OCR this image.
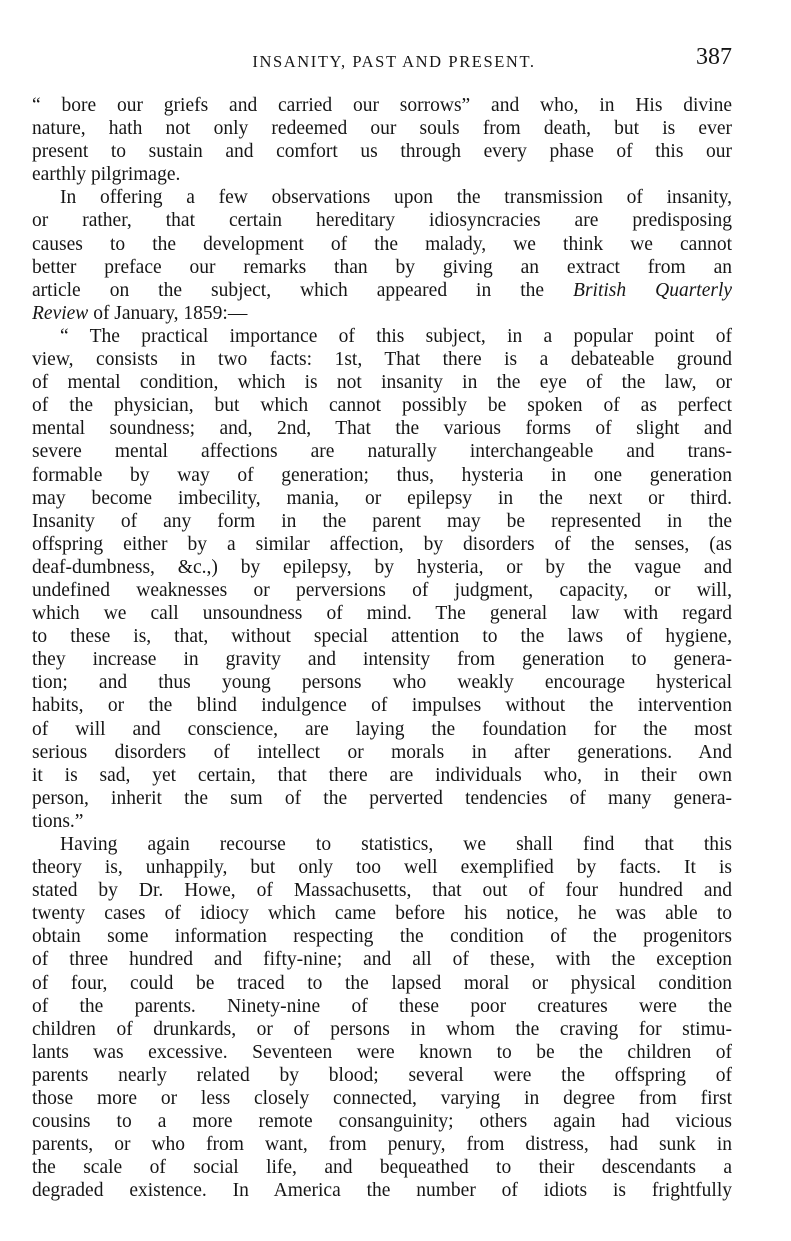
INSANITY, PAST AND PRESENT.	387
“ bore our griefs and carried our sorrows” and who, in His divine
nature, hath not only redeemed our souls from death, but is ever
present to sustain and comfort us through every phase of this our
earthly pilgrimage.
In offering a few observations upon the transmission of insanity,
or rather, that certain hereditary idiosyncracies are predisposing
causes to the development of the malady, we think we cannot
better preface our remarks than by giving an extract from an
article on the subject, which appeared in the British Quarterly
Review of January, 1859:—
“ The practical importance of this subject, in a popular point of
view, consists in two facts: 1st, That there is a debateable ground
of mental condition, which is not insanity in the eye of the law, or
of the physician, but which cannot possibly be spoken of as perfect
mental soundness; and, 2nd, That the various forms of slight and
severe mental affections are naturally interchangeable and trans-
formable by way of generation; thus, hysteria in one generation
may become imbecility, mania, or epilepsy in the next or third.
Insanity of any form in the parent may be represented in the
offspring either by a similar affection, by disorders of the senses, (as
deaf-dumbness, &c.,) by epilepsy, by hysteria, or by the vague and
undefined weaknesses or perversions of judgment, capacity, or will,
which we call unsoundness of mind. The general law with regard
to these is, that, without special attention to the laws of hygiene,
they increase in gravity and intensity from generation to genera-
tion; and thus young persons who weakly encourage hysterical
habits, or the blind indulgence of impulses without the intervention
of will and conscience, are laying the foundation for the most
serious disorders of intellect or morals in after generations. And
it is sad, yet certain, that there are individuals who, in their own
person, inherit the sum of the perverted tendencies of many genera-
tions.”
Having again recourse to statistics, we shall find that this
theory is, unhappily, but only too well exemplified by facts. It is
stated by Dr. Howe, of Massachusetts, that out of four hundred and
twenty cases of idiocy which came before his notice, he was able to
obtain some information respecting the condition of the progenitors
of three hundred and fifty-nine; and all of these, with the exception
of four, could be traced to the lapsed moral or physical condition
of the parents. Ninety-nine of these poor creatures were the
children of drunkards, or of persons in whom the craving for stimu-
lants was excessive. Seventeen were known to be the children of
parents nearly related by blood; several were the offspring of
those more or less closely connected, varying in degree from first
cousins to a more remote consanguinity; others again had vicious
parents, or who from want, from penury, from distress, had sunk in
the scale of social life, and bequeathed to their descendants a
degraded existence. In America the number of idiots is frightfully
